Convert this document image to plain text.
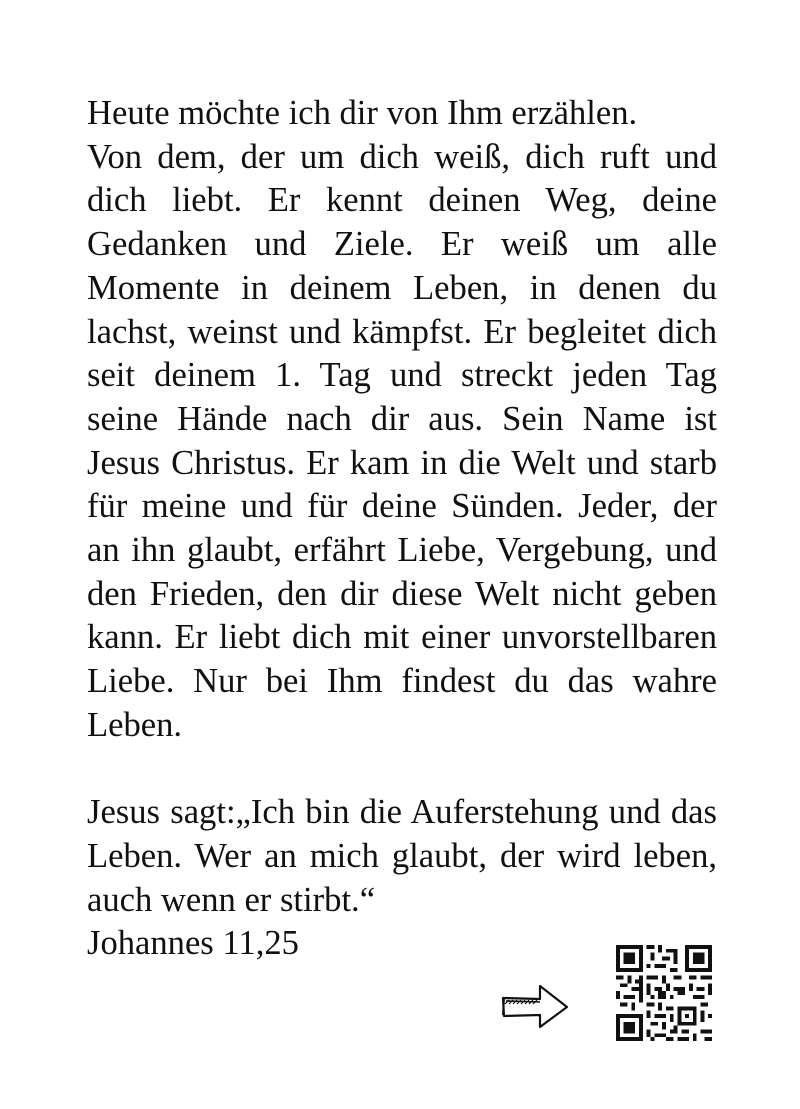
Heute möchte ich dir von Ihm erzählen.

Von dem, der um dich weiß, dich ruft und dich liebt. Er kennt deinen Weg, deine Gedanken und Ziele. Er weiß um alle Momente in deinem Leben, in denen du lachst, weinst und kämpfst. Er begleitet dich seit deinem 1. Tag und streckt jeden Tag seine Hände nach dir aus. Sein Name ist Jesus Christus. Er kam in die Welt und starb für meine und für deine Sünden. Jeder, der an ihn glaubt, erfährt Liebe, Vergebung, und den Frieden, den dir diese Welt nicht geben kann. Er liebt dich mit einer unvorstellbaren Liebe. Nur bei Ihm findest du das wahre Leben.

Jesus sagt:„Ich bin die Auferstehung und das Leben. Wer an mich glaubt, der wird leben, auch wenn er stirbt.“

Johannes 11,25
